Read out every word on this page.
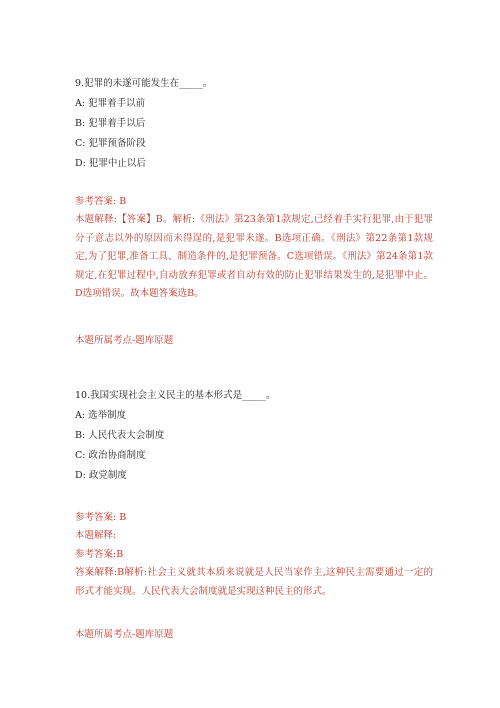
9.犯罪的未遂可能发生在_____。
A: 犯罪着手以前
B: 犯罪着手以后
C: 犯罪预备阶段
D: 犯罪中止以后
参考答案: B
本题解释:【答案】B。解析:《刑法》第23条第1款规定,已经着手实行犯罪,由于犯罪分子意志以外的原因而未得逞的,是犯罪未遂。B选项正确。《刑法》第22条第1款规定,为了犯罪,准备工具、制造条件的,是犯罪预备。C选项错误。《刑法》第24条第1款规定,在犯罪过程中,自动放弃犯罪或者自动有效的防止犯罪结果发生的,是犯罪中止。D选项错误。故本题答案选B。
本题所属考点-题库原题
10.我国实现社会主义民主的基本形式是_____。
A: 选举制度
B: 人民代表大会制度
C: 政治协商制度
D: 政党制度
参考答案: B
本题解释:
参考答案:B
答案解释:B解析:社会主义就其本质来说就是人民当家作主,这种民主需要通过一定的形式才能实现。人民代表大会制度就是实现这种民主的形式。
本题所属考点-题库原题
